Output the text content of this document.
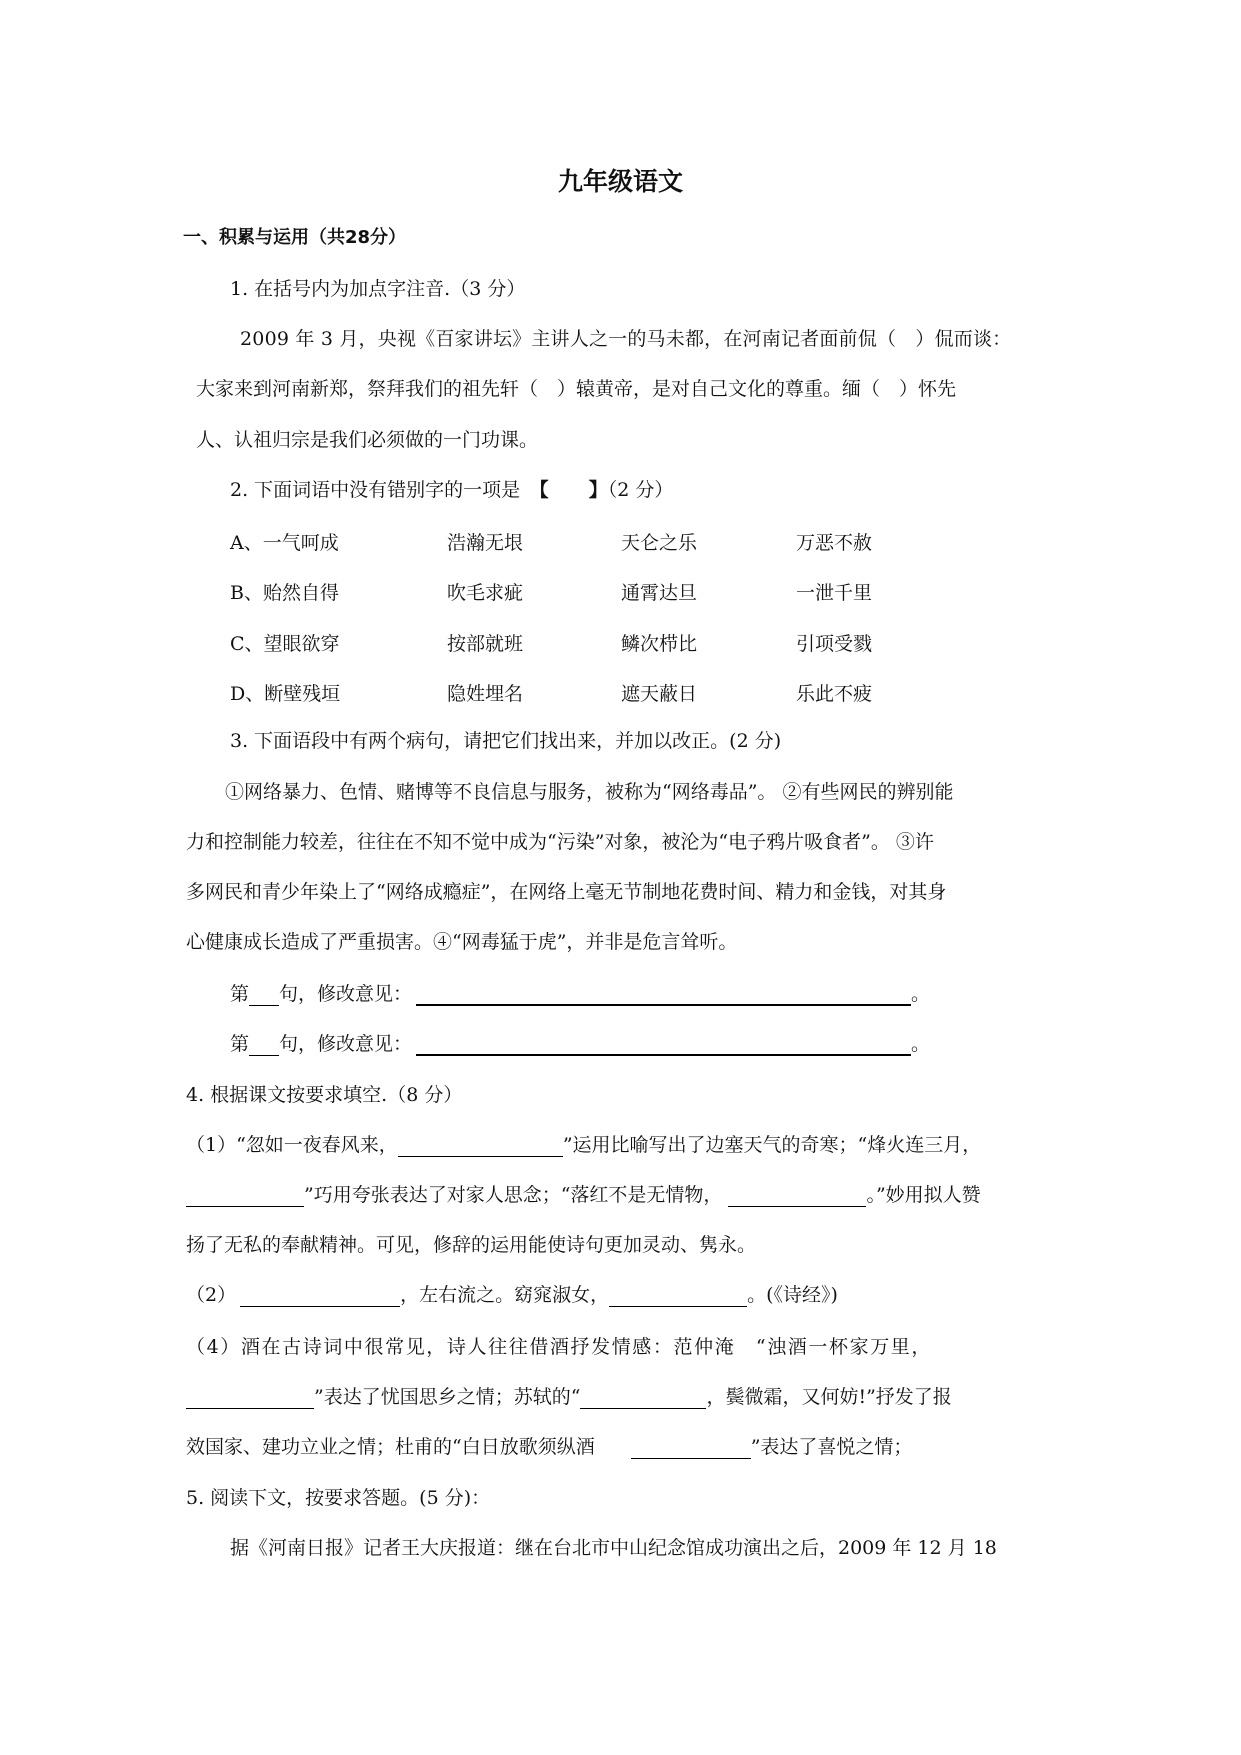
九年级语文
一、积累与运用（共28分）
1. 在括号内为加点字注音.（3 分）
2009 年 3 月，央视《百家讲坛》主讲人之一的马未都，在河南记者面前侃（　）侃而谈：
大家来到河南新郑，祭拜我们的祖先轩（　）辕黄帝，是对自己文化的尊重。缅（　）怀先
人、认祖归宗是我们必须做的一门功课。
2. 下面词语中没有错别字的一项是　【 】（2 分）
A、一气呵成	浩瀚无垠	天仑之乐	万恶不赦
B、贻然自得	吹毛求疵	通霄达旦	一泄千里
C、望眼欲穿	按部就班	鳞次栉比	引项受戮
D、断壁残垣	隐姓埋名	遮天蔽日	乐此不疲
3. 下面语段中有两个病句，请把它们找出来，并加以改正。(2 分)
①网络暴力、色情、赌博等不良信息与服务，被称为“网络毒品”。 ②有些网民的辨别能
力和控制能力较差，往往在不知不觉中成为“污染”对象，被沦为“电子鸦片吸食者”。 ③许
多网民和青少年染上了“网络成瘾症”，在网络上毫无节制地花费时间、精力和金钱，对其身
心健康成长造成了严重损害。④“网毒猛于虎”，并非是危言耸听。
第 句，修改意见：	。
第 句，修改意见：	。
4. 根据课文按要求填空.（8 分）
（1）“忽如一夜春风来，	”运用比喻写出了边塞天气的奇寒；“烽火连三月，
”巧用夸张表达了对家人思念；“落红不是无情物，	。”妙用拟人赞
扬了无私的奉献精神。可见，修辞的运用能使诗句更加灵动、隽永。
（2）	，左右流之。窈窕淑女，	。(《诗经》)
（4）酒在古诗词中很常见，诗人往往借酒抒发情感：范仲淹　“浊酒一杯家万里，
”表达了忧国思乡之情；苏轼的“	，鬓微霜，又何妨!”抒发了报
效国家、建功立业之情；杜甫的“白日放歌须纵酒	”表达了喜悦之情；
5. 阅读下文，按要求答题。(5 分)：
据《河南日报》记者王大庆报道：继在台北市中山纪念馆成功演出之后，2009 年 12 月 18
